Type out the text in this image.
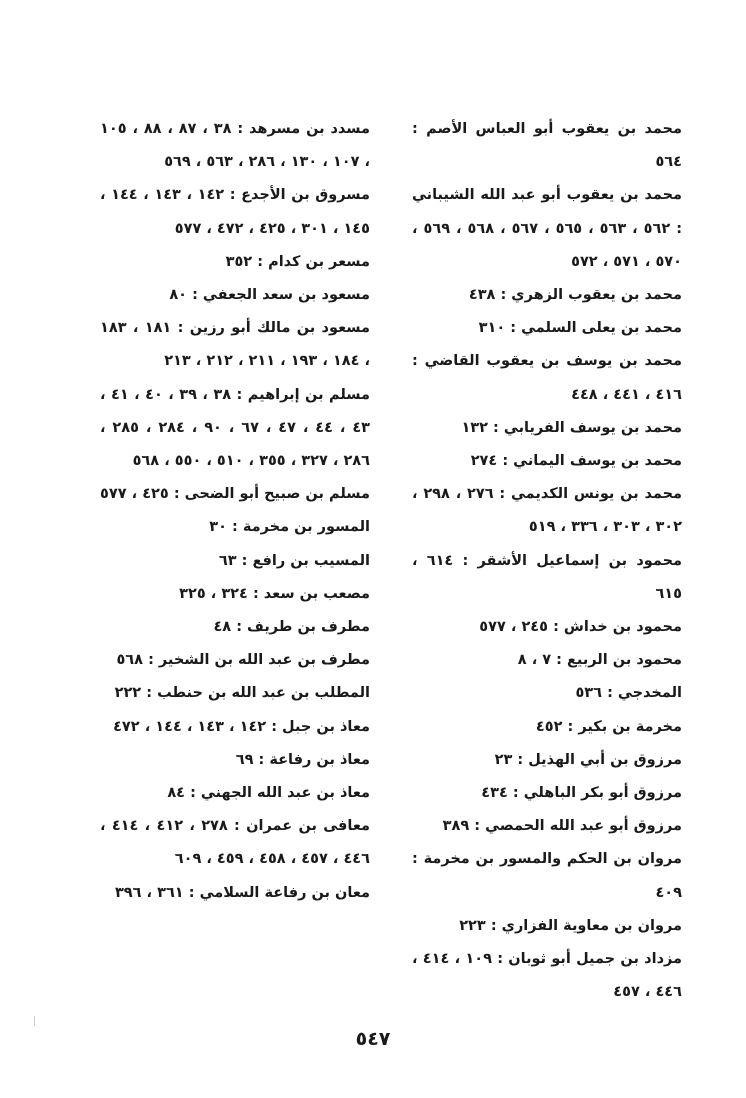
محمد بن يعقوب أبو العباس الأصم : ٥٦٤

محمد بن يعقوب أبو عبد الله الشيباني : ٥٦٢ ، ٥٦٣ ، ٥٦٥ ، ٥٦٧ ، ٥٦٨ ، ٥٦٩ ، ٥٧٠ ، ٥٧١ ، ٥٧٢

محمد بن يعقوب الزهري : ٤٣٨

محمد بن يعلى السلمي : ٣١٠

محمد بن يوسف بن يعقوب القاضي : ٤١٦ ، ٤٤١ ، ٤٤٨

محمد بن يوسف الفريابي : ١٣٢

محمد بن يوسف اليماني : ٢٧٤

محمد بن يونس الكديمي : ٢٧٦ ، ٢٩٨ ، ٣٠٢ ، ٣٠٣ ، ٣٣٦ ، ٥١٩

محمود بن إسماعيل الأشقر : ٦١٤ ، ٦١٥

محمود بن خداش : ٢٤٥ ، ٥٧٧

محمود بن الربيع : ٧ ، ٨

المخدجي : ٥٣٦

مخرمة بن بكير : ٤٥٢

مرزوق بن أبي الهذيل : ٢٣

مرزوق أبو بكر الباهلي : ٤٣٤

مرزوق أبو عبد الله الحمصي : ٣٨٩

مروان بن الحكم والمسور بن مخرمة : ٤٠٩

مروان بن معاوية الفزاري : ٢٢٣

مزداد بن جميل أبو ثوبان : ١٠٩ ، ٤١٤ ، ٤٤٦ ، ٤٥٧

مسدد بن مسرهد : ٣٨ ، ٨٧ ، ٨٨ ، ١٠٥ ، ١٠٧ ، ١٣٠ ، ٢٨٦ ، ٥٦٣ ، ٥٦٩

مسروق بن الأجدع : ١٤٢ ، ١٤٣ ، ١٤٤ ، ١٤٥ ، ٣٠١ ، ٤٢٥ ، ٤٧٢ ، ٥٧٧

مسعر بن كدام : ٣٥٢

مسعود بن سعد الجعفي : ٨٠

مسعود بن مالك أبو رزين : ١٨١ ، ١٨٣ ، ١٨٤ ، ١٩٣ ، ٢١١ ، ٢١٢ ، ٢١٣

مسلم بن إبراهيم : ٣٨ ، ٣٩ ، ٤٠ ، ٤١ ، ٤٣ ، ٤٤ ، ٤٧ ، ٦٧ ، ٩٠ ، ٢٨٤ ، ٢٨٥ ، ٢٨٦ ، ٣٢٧ ، ٣٥٥ ، ٥١٠ ، ٥٥٠ ، ٥٦٨

مسلم بن صبيح أبو الضحى : ٤٢٥ ، ٥٧٧

المسور بن مخرمة : ٣٠

المسيب بن رافع : ٦٣

مصعب بن سعد : ٣٢٤ ، ٣٢٥

مطرف بن طريف : ٤٨

مطرف بن عبد الله بن الشخير : ٥٦٨

المطلب بن عبد الله بن حنطب : ٢٢٢

معاذ بن جبل : ١٤٢ ، ١٤٣ ، ١٤٤ ، ٤٧٢

معاذ بن رفاعة : ٦٩

معاذ بن عبد الله الجهني : ٨٤

معافى بن عمران : ٢٧٨ ، ٤١٢ ، ٤١٤ ، ٤٤٦ ، ٤٥٧ ، ٤٥٨ ، ٤٥٩ ، ٦٠٩

معان بن رفاعة السلامي : ٣٦١ ، ٣٩٦

٥٤٧
